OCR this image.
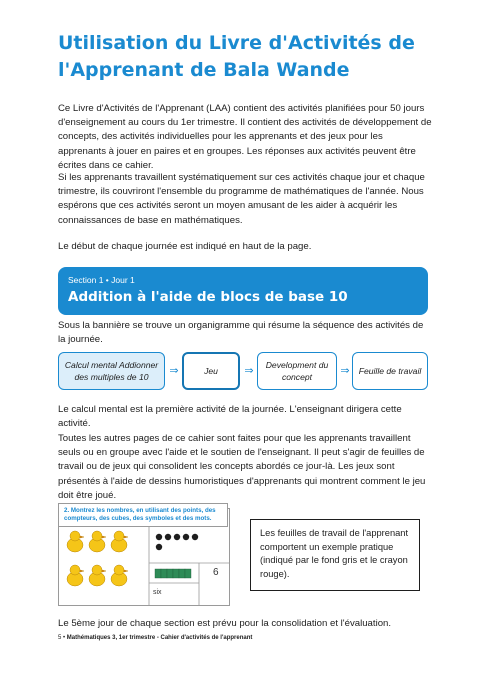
Utilisation du Livre d'Activités de
l'Apprenant de Bala Wande

Ce Livre d'Activités de l'Apprenant (LAA) contient des activités planifiées pour 50 jours d'enseignement au cours du 1er trimestre. Il contient des activités de développement de concepts, des activités individuelles pour les apprenants et des jeux pour les apprenants à jouer en paires et en groupes. Les réponses aux activités peuvent être écrites dans ce cahier.

Si les apprenants travaillent systématiquement sur ces activités chaque jour et chaque trimestre, ils couvriront l'ensemble du programme de mathématiques de l'année. Nous espérons que ces activités seront un moyen amusant de les aider à acquérir les connaissances de base en mathématiques.

Le début de chaque journée est indiqué en haut de la page.

Section 1 • Jour 1
Addition à l'aide de blocs de base 10

Sous la bannière se trouve un organigramme qui résume la séquence des activités de la journée.

Calcul mental Addionner des multiples de 10	⇒	Jeu ⇒	Development du concept	⇒ Feuille de travail

Le calcul mental est la première activité de la journée. L'enseignant dirigera cette activité.

Toutes les autres pages de ce cahier sont faites pour que les apprenants travaillent seuls ou en groupe avec l'aide et le soutien de l'enseignant. Il peut s'agir de feuilles de travail ou de jeux qui consolident les concepts abordés ce jour-là. Les jeux sont présentés à l'aide de dessins humoristiques d'apprenants qui montrent comment le jeu doit être joué.

6
six
2. Montrez les nombres, en utilisant des points, des compteurs, des cubes, des symboles et des mots.
Les feuilles de travail de l'apprenant comportent un exemple pratique (indiqué par le fond gris et le crayon rouge).

Le 5ème jour de chaque section est prévu pour la consolidation et l'évaluation.

5 • Mathématiques 3, 1er trimestre - Cahier d'activités de l'apprenant
